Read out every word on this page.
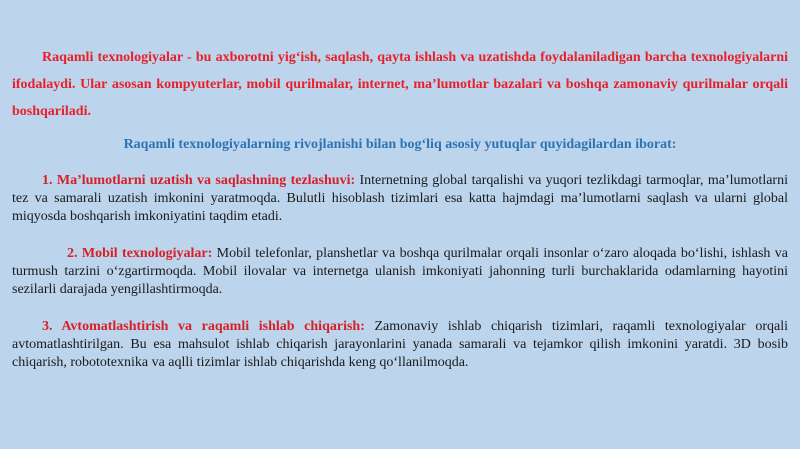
Raqamli texnologiyalar - bu axborotni yig‘ish, saqlash, qayta ishlash va uzatishda foydalaniladigan barcha texnologiyalarni ifodalaydi. Ular asosan kompyuterlar, mobil qurilmalar, internet, ma’lumotlar bazalari va boshqa zamonaviy qurilmalar orqali boshqariladi.

Raqamli texnologiyalarning rivojlanishi bilan bog‘liq asosiy yutuqlar quyidagilardan iborat:

1. Ma’lumotlarni uzatish va saqlashning tezlashuvi: Internetning global tarqalishi va yuqori tezlikdagi tarmoqlar, ma’lumotlarni tez va samarali uzatish imkonini yaratmoqda. Bulutli hisoblash tizimlari esa katta hajmdagi ma’lumotlarni saqlash va ularni global miqyosda boshqarish imkoniyatini taqdim etadi.

2. Mobil texnologiyalar: Mobil telefonlar, planshetlar va boshqa qurilmalar orqali insonlar o‘zaro aloqada bo‘lishi, ishlash va turmush tarzini o‘zgartirmoqda. Mobil ilovalar va internetga ulanish imkoniyati jahonning turli burchaklarida odamlarning hayotini sezilarli darajada yengillashtirmoqda.

3. Avtomatlashtirish va raqamli ishlab chiqarish: Zamonaviy ishlab chiqarish tizimlari, raqamli texnologiyalar orqali avtomatlashtirilgan. Bu esa mahsulot ishlab chiqarish jarayonlarini yanada samarali va tejamkor qilish imkonini yaratdi. 3D bosib chiqarish, robototexnika va aqlli tizimlar ishlab chiqarishda keng qo‘llanilmoqda.
